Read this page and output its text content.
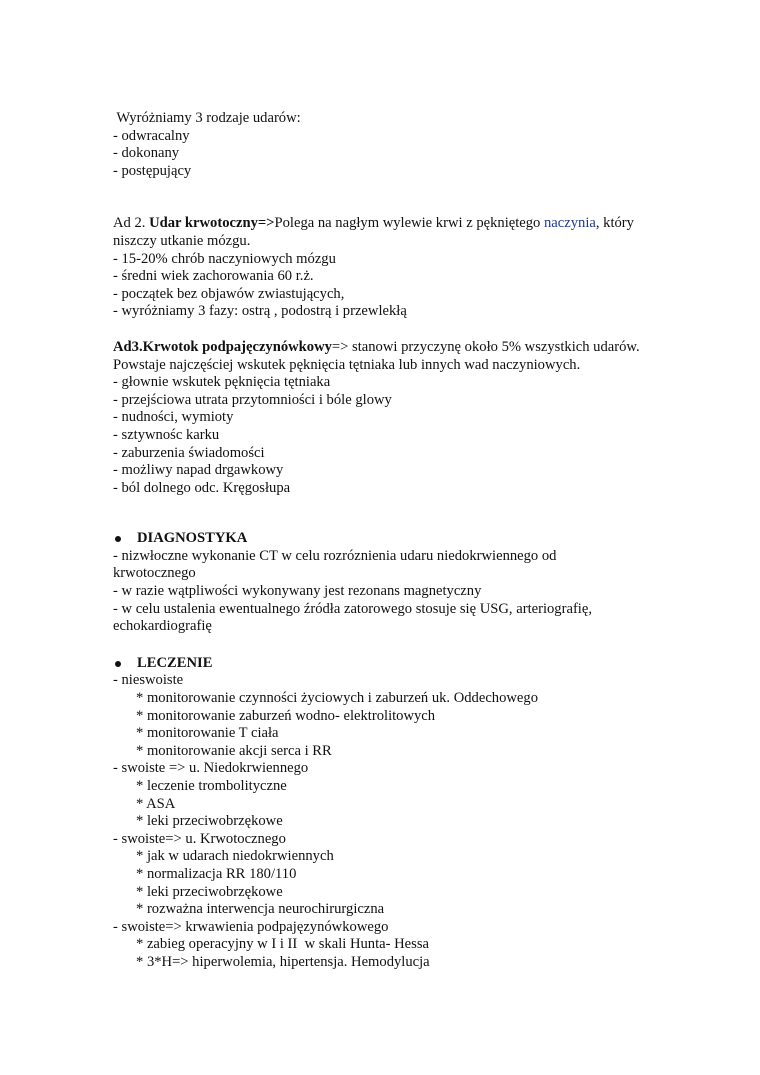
Wyróżniamy 3 rodzaje udarów:
- odwracalny
- dokonany
- postępujący
Ad 2. Udar krwotoczny=>Polega na nagłym wylewie krwi z pękniętego naczynia, który niszczy utkanie mózgu.
- 15-20% chrób naczyniowych mózgu
- średni wiek zachorowania 60 r.ż.
- początek bez objawów zwiastujących,
- wyróżniamy 3 fazy: ostrą , podostrą i przewlekłą
Ad3.Krwotok podpajęczynówkowy=> stanowi przyczynę około 5% wszystkich udarów. Powstaje najczęściej wskutek pęknięcia tętniaka lub innych wad naczyniowych.
- głownie wskutek pęknięcia tętniaka
- przejściowa utrata przytomniości i bóle glowy
- nudności, wymioty
- sztywnośc karku
- zaburzenia świadomości
- możliwy napad drgawkowy
- ból dolnego odc. Kręgosłupa
DIAGNOSTYKA
- nizwłoczne wykonanie CT w celu rozróznienia udaru niedokrwiennego od krwotocznego
- w razie wątpliwości wykonywany jest rezonans magnetyczny
- w celu ustalenia ewentualnego źródła zatorowego stosuje się USG, arteriografię, echokardiografię
LECZENIE
- nieswoiste
* monitorowanie czynności życiowych i zaburzeń uk. Oddechowego
* monitorowanie zaburzeń wodno- elektrolitowych
* monitorowanie T ciała
* monitorowanie akcji serca i RR
- swoiste => u. Niedokrwiennego
* leczenie trombolityczne
* ASA
* leki przeciwobrzękowe
- swoiste=> u. Krwotocznego
* jak w udarach niedokrwiennych
* normalizacja RR 180/110
* leki przeciwobrzękowe
* rozważna interwencja neurochirurgiczna
- swoiste=> krwawienia podpajęzynówkowego
* zabieg operacyjny w I i II  w skali Hunta- Hessa
* 3*H=> hiperwolemia, hipertensja. Hemodylucja
